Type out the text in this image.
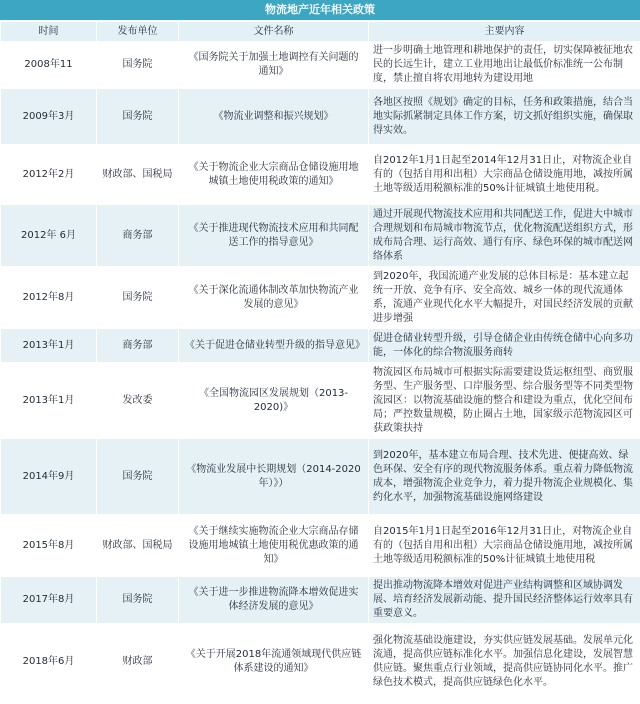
物流地产近年相关政策
时间	发布单位	文件名称	主要内容
2008年11	国务院	《国务院关于加强土地调控有关问题的通知》	进一步明确土地管理和耕地保护的责任，切实保障被征地农民的长远生计，建立工业用地出让最低价标准统一公布制度，禁止擅自将农用地转为建设用地
2009年3月	国务院	《物流业调整和振兴规划》	各地区按照《规划》确定的目标，任务和政策措施，结合当地实际抓紧制定具体工作方案，切文抓好组织实施，确保取得实效。
2012年2月	财政部、国税局	《关于物流企业大宗商品仓储设施用地城镇土地使用税政策的通知》	自2012年1月1日起至2014年12月31日止，对物流企业自有的（包括自用和出租）大宗商品仓储设施用地，减按所属土地等级适用税额标准的50%计征城镇土地使用税。
2012年 6月	商务部	《关于推进现代物流技术应用和共同配送工作的指导意见》	通过开展现代物流技术应用和共同配送工作，促进大中城市合理规划和布局城市物流节点，优化物流配送组织方式，形成布局合理、运行高效、通行有序、绿色环保的城市配送网络体系
2012年8月	国务院	《关于深化流通体制改革加快物流产业发展的意见》	到2020年，我国流通产业发展的总体目标是：基本建立起统一开放、竞争有序、安全高效、城乡一体的现代流通体系，流通产业现代化水平大幅提升，对国民经济发展的贡献进步增强
2013年1月	商务部	《关于促进仓储业转型升级的指导意见》	促进仓储业转型升级，引导仓储企业由传统仓储中心向多功能，一体化的综合物流服务商转
2013年1月	发改委	《全国物流园区发展规划（2013-2020)》	物流园区布局城市可根据实际需要建设货运枢纽型、商贸服务型、生产服务型、口岸服务型、综合服务型等不同类型物流园区：以物流基础设施的整合和建设为重点，优化空间布局；严控数量规模，防止圈占土地，国家级示范物流园区可获政策扶持
2014年9月	国务院	《物流业发展中长期规划（2014-2020年）》）	到2020年，基本建立布局合理、技术先进、便捷高效、绿色环保、安全有序的现代物流服务体系。重点着力降低物流成本，增强物流企业竞争力，着力提升物流企业规模化、集约化水平，加强物流基础设施网络建设
2015年8月	财政部、国税局	《关于继续实施物流企业大宗商品存储设施用地城镇土地使用税优惠政策的通知》	自2015年1月1日起至2016年12月31日止，对物流企业自有的（包括自用和出租）大宗商品仓储设施用地，减按所属土地等级适用税额标准的50%计征城镇土地使用税
2017年8月	国务院	《关于进一步推进物流降本增效促进实体经济发展的意见》	提出推动物流降本增效对促进产业结构调整和区域协调发展、培育经济发展新动能、提升国民经济整体运行效率具有重要意义。
2018年6月	财政部	《关于开展2018年流通领域现代供应链体系建设的通知》	强化物流基础设施建设，夯实供应链发展基础。发展单元化流通，提高供应链标准化水平。加强信息化建设，发展智慧供应链。聚焦重点行业领域，提高供应链协同化水平。推广绿色技术模式，提高供应链绿色化水平。
